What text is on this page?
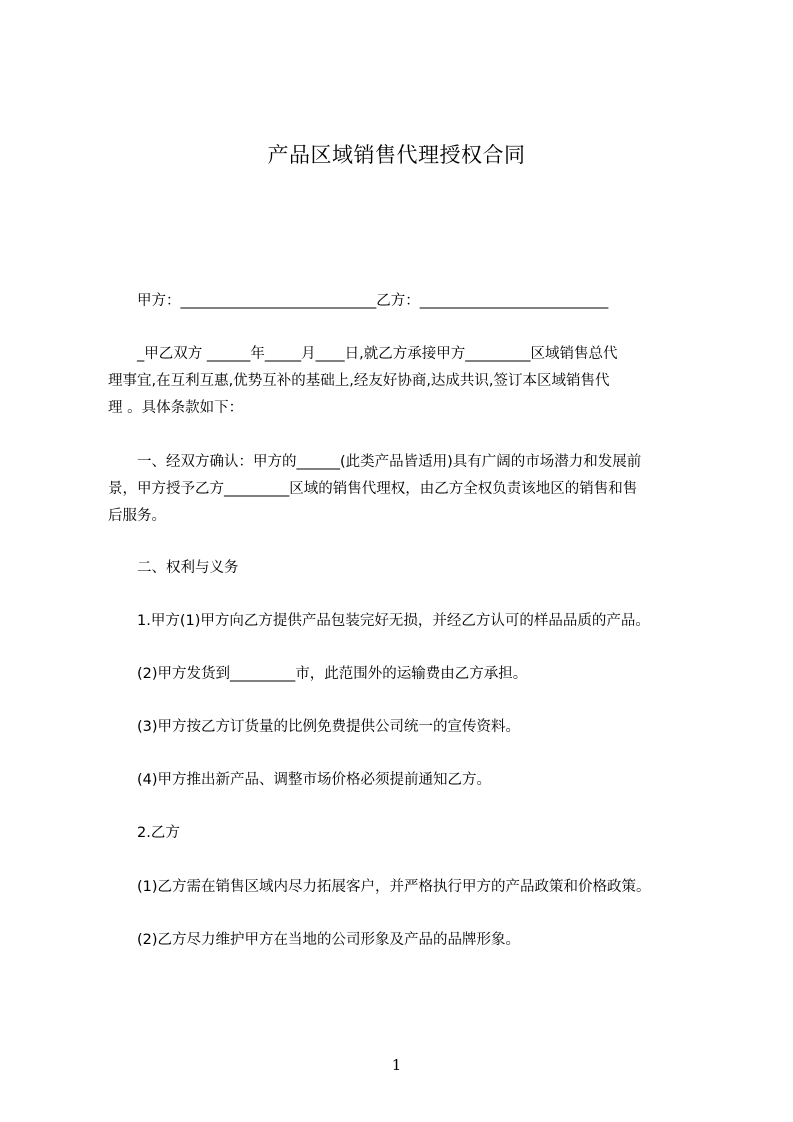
产品区域销售代理授权合同
甲方：___________________________乙方：__________________________
_甲乙双方 ______年_____月____日,就乙方承接甲方_________区域销售总代
理事宜,在互利互惠,优势互补的基础上,经友好协商,达成共识,签订本区域销售代
理 。具体条款如下：
一、经双方确认：甲方的______(此类产品皆适用)具有广阔的市场潜力和发展前
景，甲方授予乙方_________区域的销售代理权，由乙方全权负责该地区的销售和售
后服务。
二、权利与义务
1.甲方(1)甲方向乙方提供产品包装完好无损，并经乙方认可的样品品质的产品。
(2)甲方发货到_________市，此范围外的运输费由乙方承担。
(3)甲方按乙方订货量的比例免费提供公司统一的宣传资料。
(4)甲方推出新产品、调整市场价格必须提前通知乙方。
2.乙方
(1)乙方需在销售区域内尽力拓展客户，并严格执行甲方的产品政策和价格政策。
(2)乙方尽力维护甲方在当地的公司形象及产品的品牌形象。
1
